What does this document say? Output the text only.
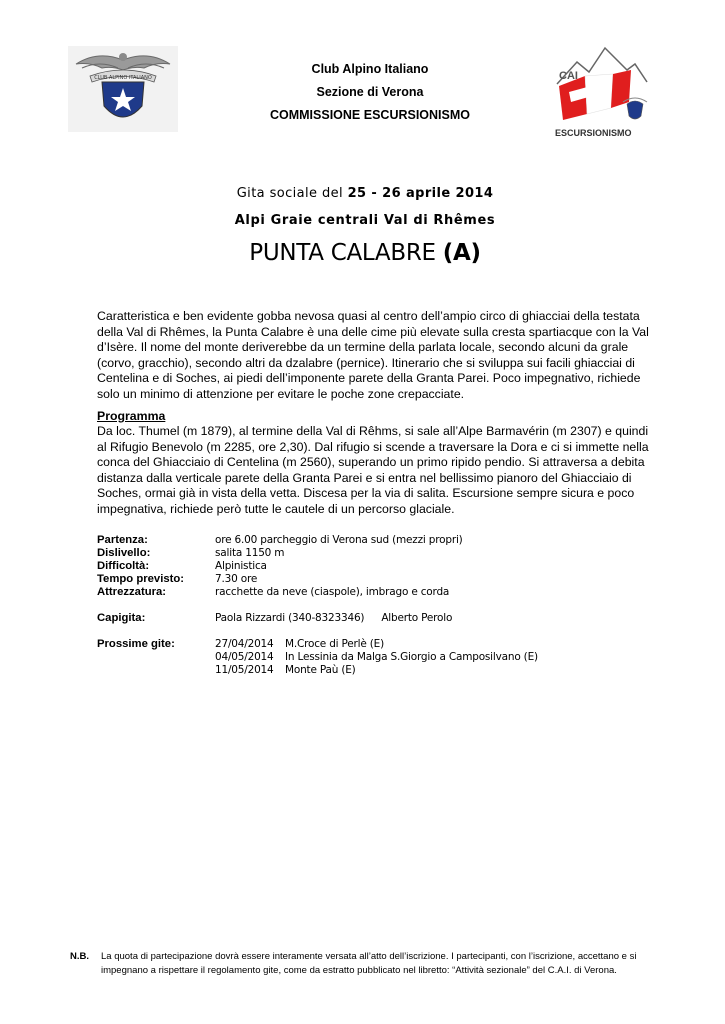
CLUB ALPINO ITALIANO
Club Alpino Italiano
Sezione di Verona
COMMISSIONE ESCURSIONISMO
CAI
ESCURSIONISMO
Gita sociale del 25 - 26 aprile 2014
Alpi Graie centrali Val di Rhêmes
PUNTA CALABRE (A)
Caratteristica e ben evidente gobba nevosa quasi al centro dell’ampio circo di ghiacciai della testata della Val di Rhêmes, la Punta Calabre è una delle cime più elevate sulla cresta spartiacque con la Val d’Isère. Il nome del monte deriverebbe da un termine della parlata locale, secondo alcuni da grale (corvo, gracchio), secondo altri da dzalabre (pernice). Itinerario che si sviluppa sui facili ghiacciai di Centelina e di Soches, ai piedi dell’imponente parete della Granta Parei. Poco impegnativo, richiede solo un minimo di attenzione per evitare le poche zone crepacciate.
Programma
Da loc. Thumel (m 1879), al termine della Val di Rêhms, si sale all’Alpe Barmavérin (m 2307) e quindi al Rifugio Benevolo (m 2285, ore 2,30). Dal rifugio si scende a traversare la Dora e ci si immette nella conca del Ghiacciaio di Centelina (m 2560), superando un primo ripido pendio. Si attraversa a debita distanza dalla verticale parete della Granta Parei e si entra nel bellissimo pianoro del Ghiacciaio di Soches, ormai già in vista della vetta. Discesa per la via di salita. Escursione sempre sicura e poco impegnativa, richiede però tutte le cautele di un percorso glaciale.
Partenza:	ore 6.00 parcheggio di Verona sud (mezzi propri)
Dislivello:	salita 1150 m
Difficoltà:	Alpinistica
Tempo previsto:	7.30 ore
Attrezzatura:	racchette da neve (ciaspole), imbrago e corda
Capigita:	Paola Rizzardi (340-8323346) Alberto Perolo
Prossime gite:	27/04/2014	M.Croce di Perlè (E)
04/05/2014	In Lessinia da Malga S.Giorgio a Camposilvano (E)
11/05/2014	Monte Paù (E)
N.B.	La quota di partecipazione dovrà essere interamente versata all’atto dell’iscrizione. I partecipanti, con l’iscrizione, accettano e si impegnano a rispettare il regolamento gite, come da estratto pubblicato nel libretto: “Attività sezionale” del C.A.I. di Verona.
